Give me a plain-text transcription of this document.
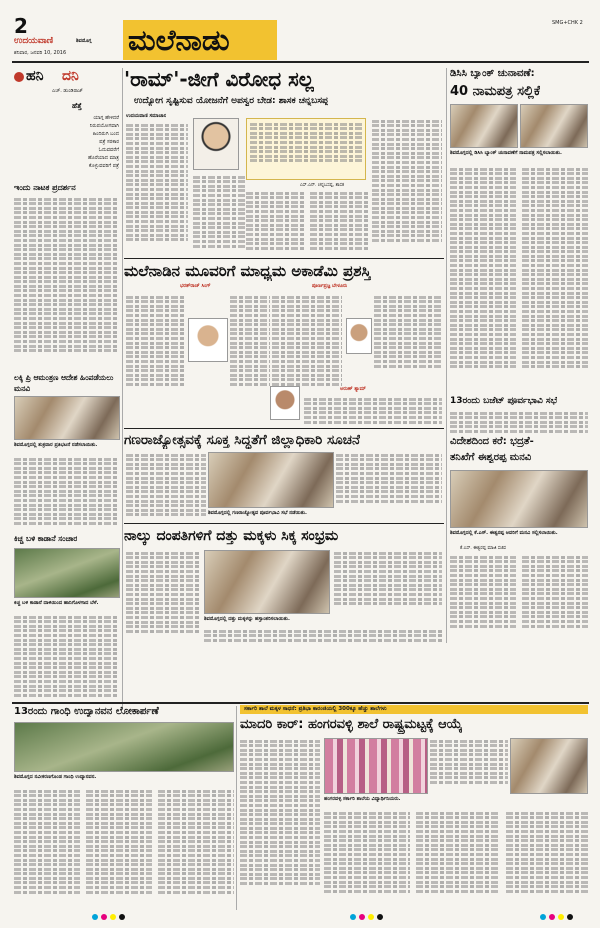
2
ಉದಯವಾಣಿ	ಶಿವಮೊಗ್ಗ
ಶನಿವಾರ, ಜನವರಿ 10, 2016 ಮಲೆನಾಡು	SMG+CHK 2
ಹನಿ ದನಿ
ಎಚ್. ಡುಂಡಿರಾಜ್
ಹೆತ್ತೆ
ಯಾಗ್ಗ ಹೇಳಿದರೆ
ನಿರುಪಯೋಗವಾಗಿ
ಹಿಂದಿರುಗಿ ಬಂದ
ಪತ್ರೆ ಸರಕಾರ
ಓದುವವರೆಗೆ
ಹೊರೆಯಾದ ಮಾತ್ರ
ಕೊಳ್ಳುವವರಿಗೆ ಪತ್ರೆ
ಇಂದು ನಾಟಕ ಪ್ರದರ್ಶನ
ಲಕ್ಕಿ ಪ್ರಿ ಆಮಂತ್ರಣ ಆದೇಶ ಹಿಂಪಡೆಯಲು ಮನವಿ
ಶಿವಮೊಗ್ಗದಲ್ಲಿ ಶುಕ್ರವಾರ ಪ್ರತಿಭಟನೆ ನಡೆಸಲಾಯಿತು.
ಕಿಚ್ಚ ಬಳಿ ಕಾಡಾನೆ ಸಂಚಾರ
ಕಿಚ್ಚ ಬಳಿ ಕಾಡಾನೆ ದಾಳಿಯಿಂದ ಹಾನಿಗೊಳಗಾದ ಬೆಳೆ.
'ರಾಮ್'-ಜೀಗೆ ವಿರೋಧ ಸಲ್ಲ
ಉದ್ಯೋಗ ಸೃಷ್ಟಿಸುವ ಯೋಜನೆಗೆ ಅಪಸ್ವರ ಬೇಡ: ಶಾಸಕ ಚನ್ನಬಸಪ್ಪ
ಉದಯವಾಣಿ ಸಮಾಚಾರ
ಎಸ್.ಎನ್. ಚನ್ನಬಸಪ್ಪ, ಶಾಸಕ
ಡಿಸಿಸಿ ಬ್ಯಾಂಕ್ ಚುನಾವಣೆ:
40 ನಾಮಪತ್ರ ಸಲ್ಲಿಕೆ
ಶಿವಮೊಗ್ಗದಲ್ಲಿ ಡಿಸಿಸಿ ಬ್ಯಾಂಕ್ ಚುನಾವಣೆಗೆ ನಾಮಪತ್ರ ಸಲ್ಲಿಸಲಾಯಿತು.
ಮಲೆನಾಡಿನ ಮೂವರಿಗೆ ಮಾಧ್ಯಮ ಅಕಾಡೆಮಿ ಪ್ರಶಸ್ತಿ
ಭರತ್‌ರಾಜ್ ಸಿಂಗ್	ಪೂರ್ಣಪ್ರಜ್ಞ ಬೇಳೂರು
ಅರುಣ್ ಶ್ಯಾಮ್
13ರಂದು ಬಜೆಟ್ ಪೂರ್ವಭಾವಿ ಸಭೆ
ಗಣರಾಜ್ಯೋತ್ಸವಕ್ಕೆ ಸೂಕ್ತ ಸಿದ್ಧತೆಗೆ ಜಿಲ್ಲಾಧಿಕಾರಿ ಸೂಚನೆ
ಶಿವಮೊಗ್ಗದಲ್ಲಿ ಗಣರಾಜ್ಯೋತ್ಸವ ಪೂರ್ವಭಾವಿ ಸಭೆ ನಡೆಯಿತು.
ವಿದೇಶದಿಂದ ಕರೆ: ಭದ್ರತೆ-
ತನಿಖೆಗೆ ಈಶ್ವರಪ್ಪ ಮನವಿ
ಶಿವಮೊಗ್ಗದಲ್ಲಿ ಕೆ.ಎಸ್. ಈಶ್ವರಪ್ಪ ಅವರಿಗೆ ಮನವಿ ಸಲ್ಲಿಸಲಾಯಿತು.
ಕೆ.ಎಸ್. ಈಶ್ವರಪ್ಪ ಮಾಜಿ ಸಚಿವ
ನಾಲ್ಕು ದಂಪತಿಗಳಿಗೆ ದತ್ತು ಮಕ್ಕಳು ಸಿಕ್ಕ ಸಂಭ್ರಮ
ಶಿವಮೊಗ್ಗದಲ್ಲಿ ದತ್ತು ಮಕ್ಕಳನ್ನು ಹಸ್ತಾಂತರಿಸಲಾಯಿತು.
13ರಂದು ಗಾಂಧಿ ಉದ್ಯಾನವನ ಲೋಕಾರ್ಪಣೆ
ಶಿವಮೊಗ್ಗದ ನವೀಕರಣಗೊಂಡ ಗಾಂಧಿ ಉದ್ಯಾನವನ.
ಸರ್ಕಾರಿ ಶಾಲೆ ಮಕ್ಕಳ ಸಾಧನೆ: ಪ್ರತಿಭಾ ಕಾರಂಜಿಯಲ್ಲಿ 300ಕ್ಕೂ ಹೆಚ್ಚು ಶಾಲೆಗಳು
ಮಾದರಿ ಕಾರ್: ಹಂಗರವಳ್ಳಿ ಶಾಲೆ ರಾಷ್ಟ್ರಮಟ್ಟಕ್ಕೆ ಆಯ್ಕೆ
ಹಂಗರವಳ್ಳಿ ಸರ್ಕಾರಿ ಶಾಲೆಯ ವಿದ್ಯಾರ್ಥಿನಿಯರು.
